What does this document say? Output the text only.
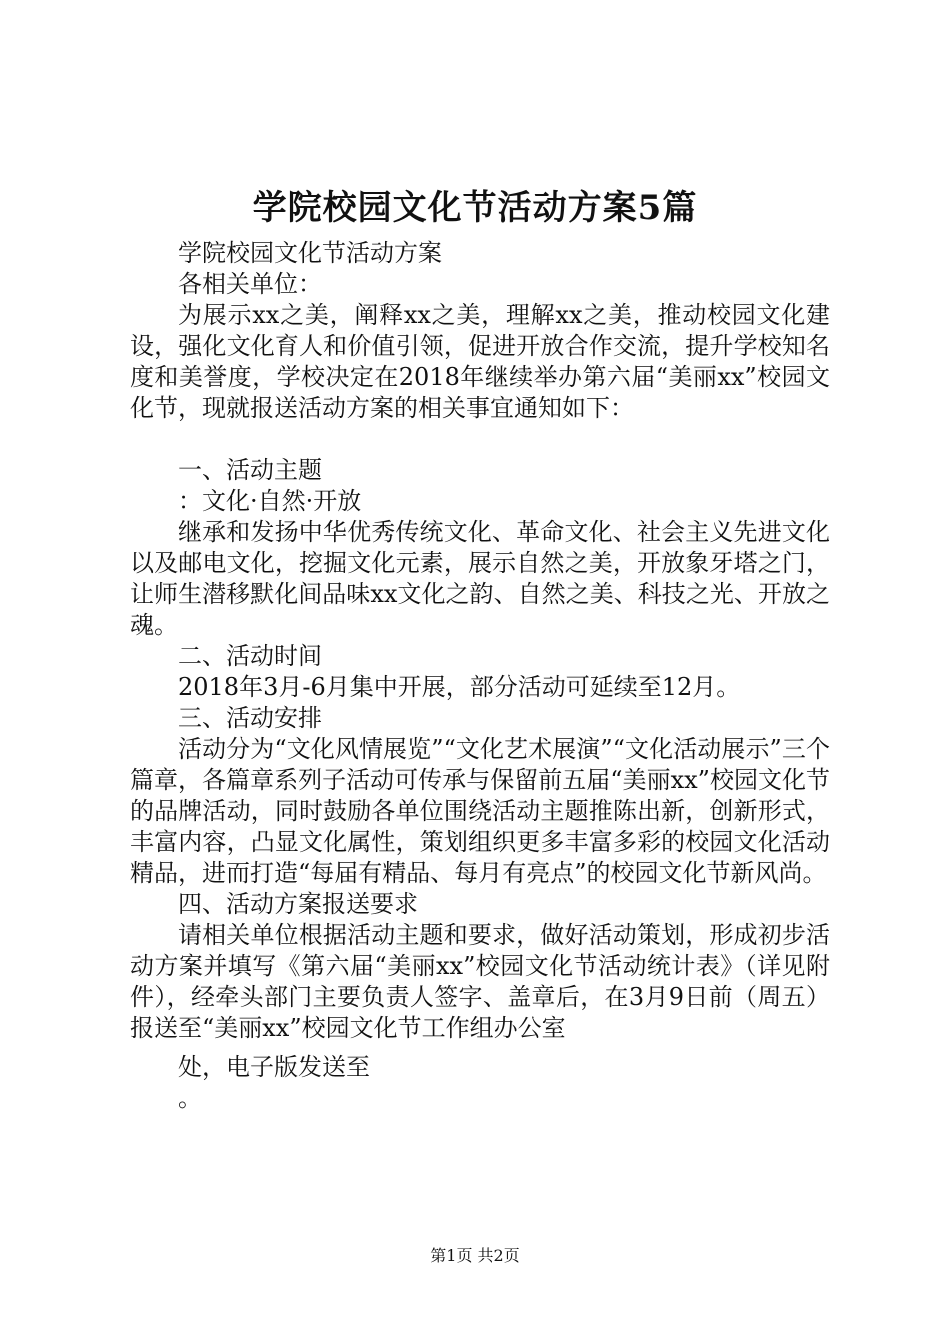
学院校园文化节活动方案5篇

学院校园文化节活动方案

各相关单位：

为展示xx之美，阐释xx之美，理解xx之美，推动校园文化建设，强化文化育人和价值引领，促进开放合作交流，提升学校知名度和美誉度，学校决定在2018年继续举办第六届“美丽xx”校园文化节，现就报送活动方案的相关事宜通知如下：

一、活动主题

：文化·自然·开放

继承和发扬中华优秀传统文化、革命文化、社会主义先进文化以及邮电文化，挖掘文化元素，展示自然之美，开放象牙塔之门，让师生潜移默化间品味xx文化之韵、自然之美、科技之光、开放之魂。

二、活动时间

2018年3月-6月集中开展，部分活动可延续至12月。

三、活动安排

活动分为“文化风情展览”“文化艺术展演”“文化活动展示”三个篇章，各篇章系列子活动可传承与保留前五届“美丽xx”校园文化节的品牌活动，同时鼓励各单位围绕活动主题推陈出新，创新形式，丰富内容，凸显文化属性，策划组织更多丰富多彩的校园文化活动精品，进而打造“每届有精品、每月有亮点”的校园文化节新风尚。

四、活动方案报送要求

请相关单位根据活动主题和要求，做好活动策划，形成初步活动方案并填写《第六届“美丽xx”校园文化节活动统计表》（详见附件），经牵头部门主要负责人签字、盖章后，在3月9日前（周五）报送至“美丽xx”校园文化节工作组办公室

处，电子版发送至

。

第1页 共2页
